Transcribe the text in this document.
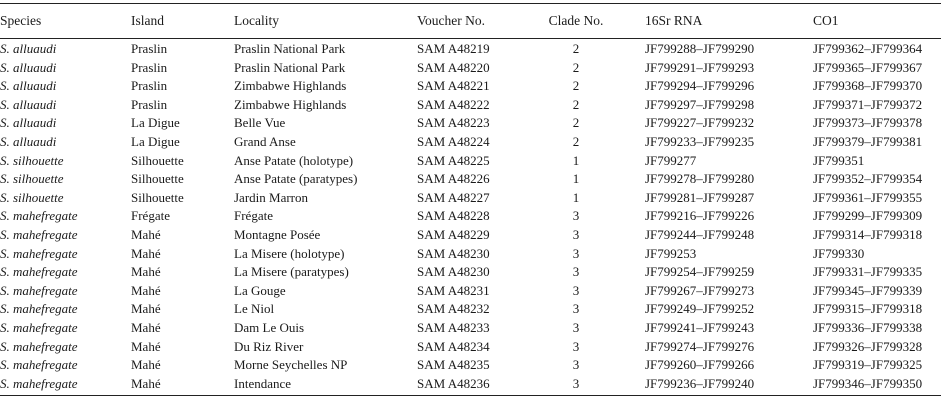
Species	Island	Locality	Voucher No.	Clade No.	16Sr RNA	CO1
S. alluaudi	Praslin	Praslin National Park	SAM A48219	2	JF799288–JF799290	JF799362–JF799364
S. alluaudi	Praslin	Praslin National Park	SAM A48220	2	JF799291–JF799293	JF799365–JF799367
S. alluaudi	Praslin	Zimbabwe Highlands	SAM A48221	2	JF799294–JF799296	JF799368–JF799370
S. alluaudi	Praslin	Zimbabwe Highlands	SAM A48222	2	JF799297–JF799298	JF799371–JF799372
S. alluaudi	La Digue	Belle Vue	SAM A48223	2	JF799227–JF799232	JF799373–JF799378
S. alluaudi	La Digue	Grand Anse	SAM A48224	2	JF799233–JF799235	JF799379–JF799381
S. silhouette	Silhouette	Anse Patate (holotype)	SAM A48225	1	JF799277	JF799351
S. silhouette	Silhouette	Anse Patate (paratypes)	SAM A48226	1	JF799278–JF799280	JF799352–JF799354
S. silhouette	Silhouette	Jardin Marron	SAM A48227	1	JF799281–JF799287	JF799361–JF799355
S. mahefregate	Frégate	Frégate	SAM A48228	3	JF799216–JF799226	JF799299–JF799309
S. mahefregate	Mahé	Montagne Posée	SAM A48229	3	JF799244–JF799248	JF799314–JF799318
S. mahefregate	Mahé	La Misere (holotype)	SAM A48230	3	JF799253	JF799330
S. mahefregate	Mahé	La Misere (paratypes)	SAM A48230	3	JF799254–JF799259	JF799331–JF799335
S. mahefregate	Mahé	La Gouge	SAM A48231	3	JF799267–JF799273	JF799345–JF799339
S. mahefregate	Mahé	Le Niol	SAM A48232	3	JF799249–JF799252	JF799315–JF799318
S. mahefregate	Mahé	Dam Le Ouis	SAM A48233	3	JF799241–JF799243	JF799336–JF799338
S. mahefregate	Mahé	Du Riz River	SAM A48234	3	JF799274–JF799276	JF799326–JF799328
S. mahefregate	Mahé	Morne Seychelles NP	SAM A48235	3	JF799260–JF799266	JF799319–JF799325
S. mahefregate	Mahé	Intendance	SAM A48236	3	JF799236–JF799240	JF799346–JF799350
